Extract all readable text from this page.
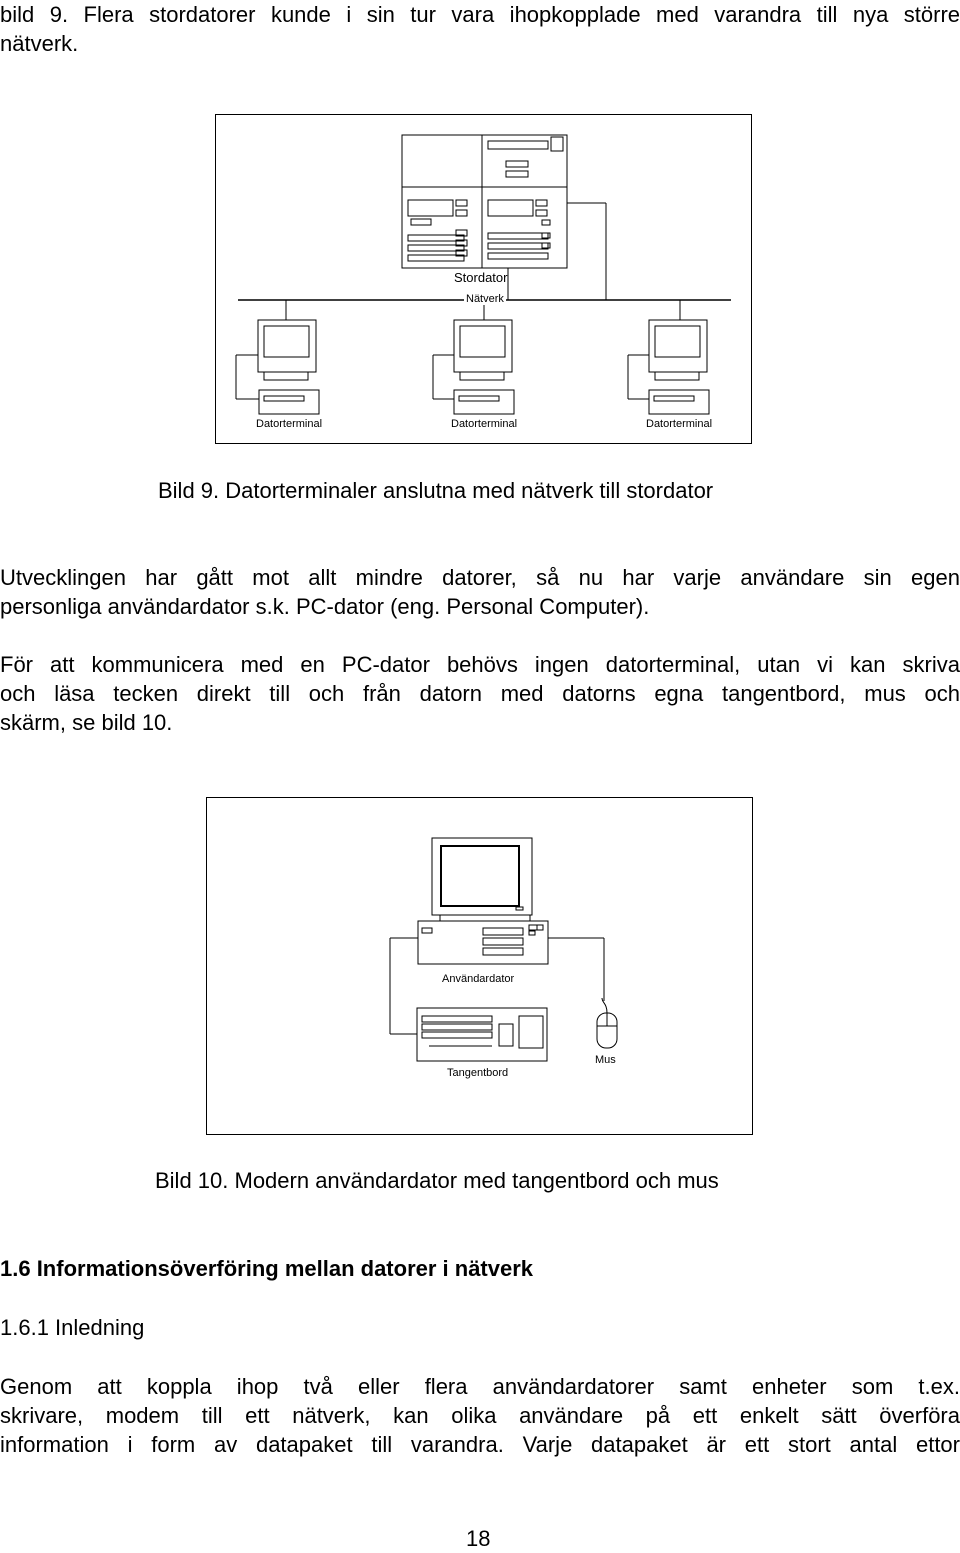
bild 9. Flera stordatorer kunde i sin tur vara ihopkopplade med varandra till nya större
nätverk.
Stordator
Nätverk
Datorterminal	Datorterminal	Datorterminal
Bild 9. Datorterminaler anslutna med nätverk till stordator
Utvecklingen har gått mot allt mindre datorer, så nu har varje användare sin egen
personliga användardator s.k. PC-dator (eng. Personal Computer).
För att kommunicera med en PC-dator behövs ingen datorterminal, utan vi kan skriva
och läsa tecken direkt till och från datorn med datorns egna tangentbord, mus och
skärm, se bild 10.
Användardator
Tangentbord
Mus
Bild 10. Modern användardator med tangentbord och mus
1.6 Informationsöverföring mellan datorer i nätverk
1.6.1 Inledning
Genom att koppla ihop två eller flera användardatorer samt enheter som t.ex.
skrivare, modem till ett nätverk, kan olika användare på ett enkelt sätt överföra
information i form av datapaket till varandra. Varje datapaket är ett stort antal ettor
18
